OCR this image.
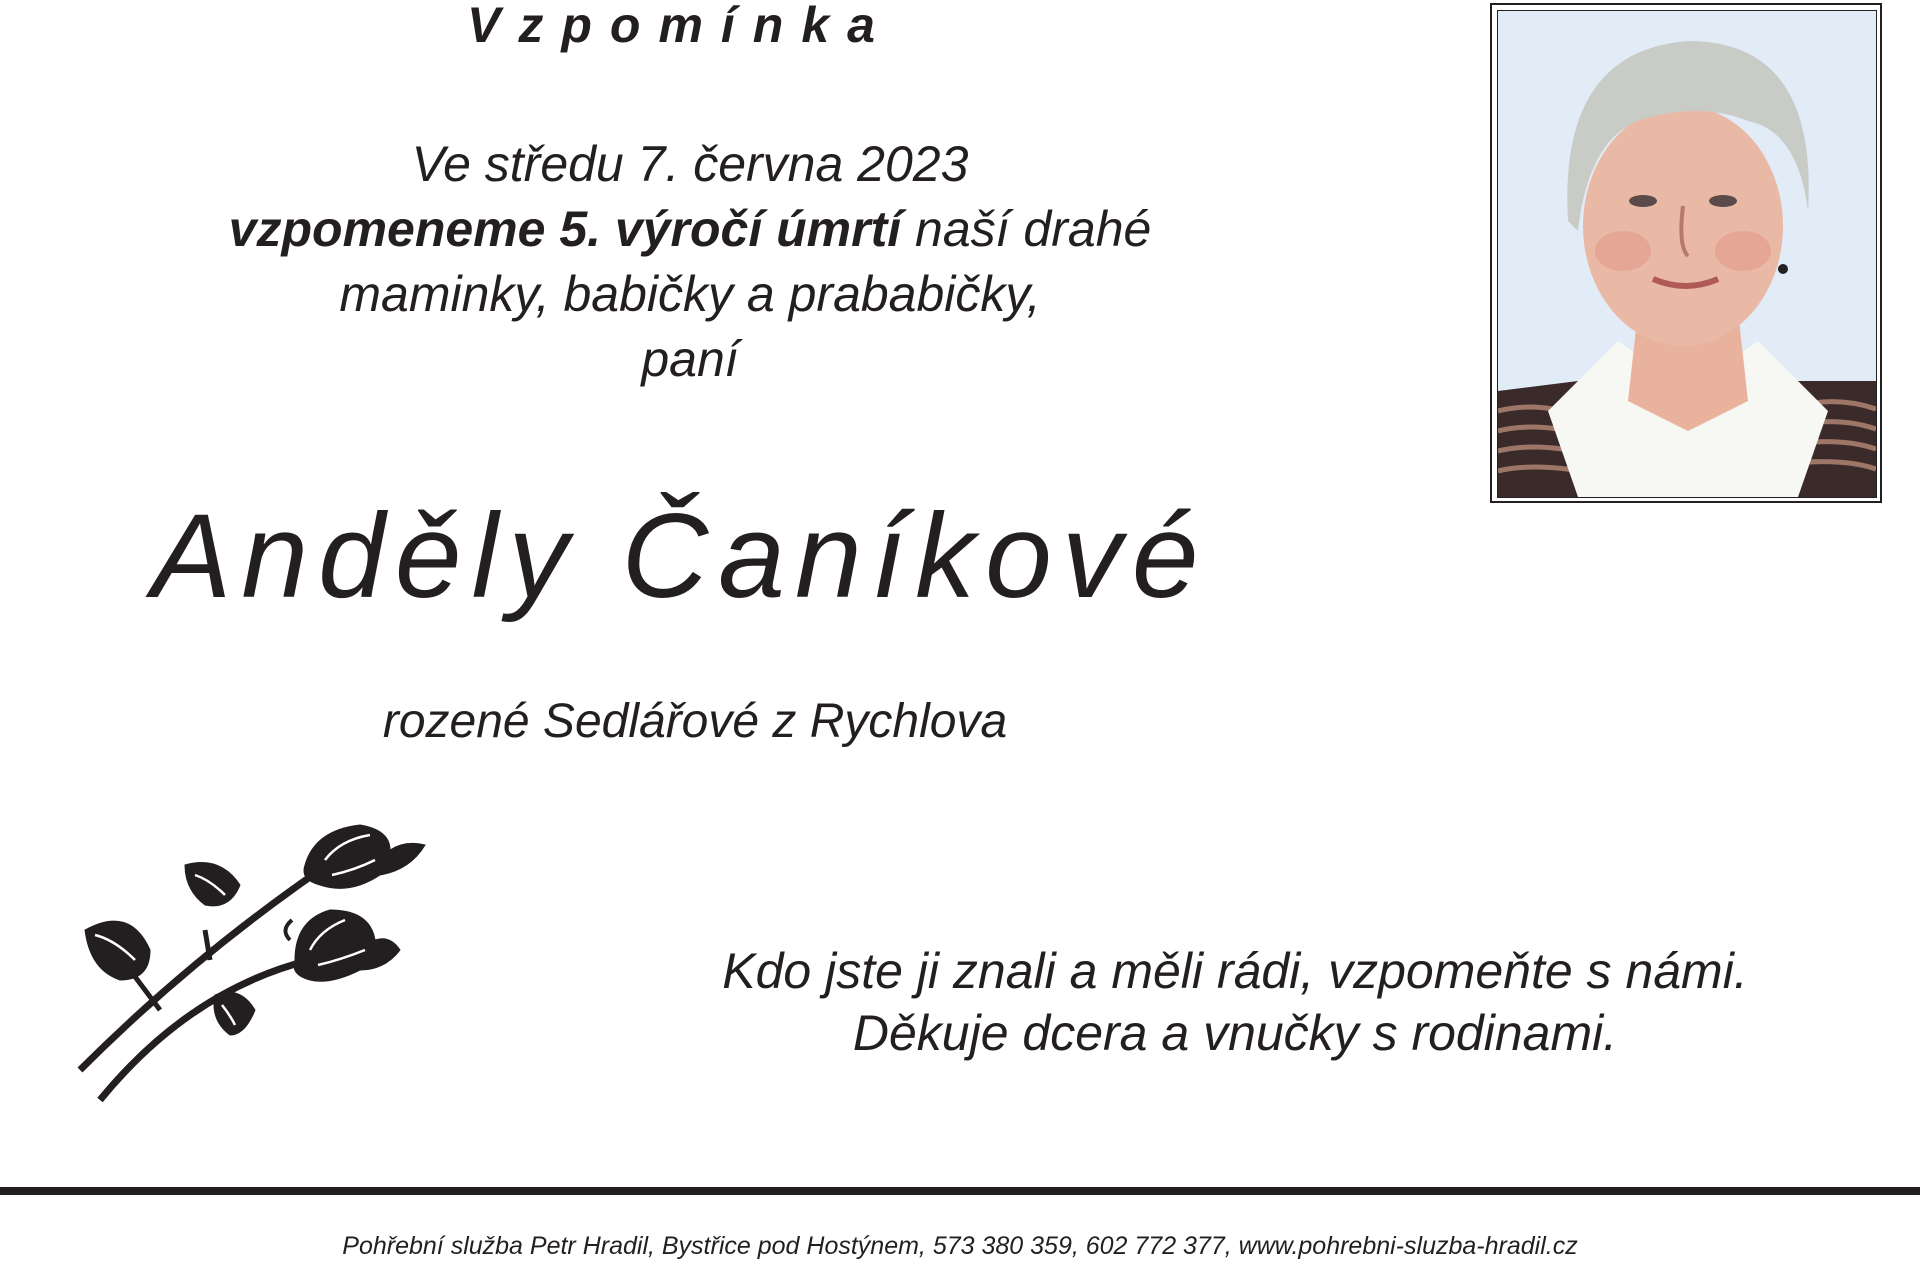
Vzpomínka
Ve středu 7. června 2023
vzpomeneme 5. výročí úmrtí naší drahé
maminky, babičky a prababičky,
paní
Anděly Čaníkové
rozené Sedlářové z Rychlova
Kdo jste ji znali a měli rádi, vzpomeňte s námi.
Děkuje dcera a vnučky s rodinami.
Pohřební služba Petr Hradil, Bystřice pod Hostýnem, 573 380 359, 602 772 377, www.pohrebni-sluzba-hradil.cz
